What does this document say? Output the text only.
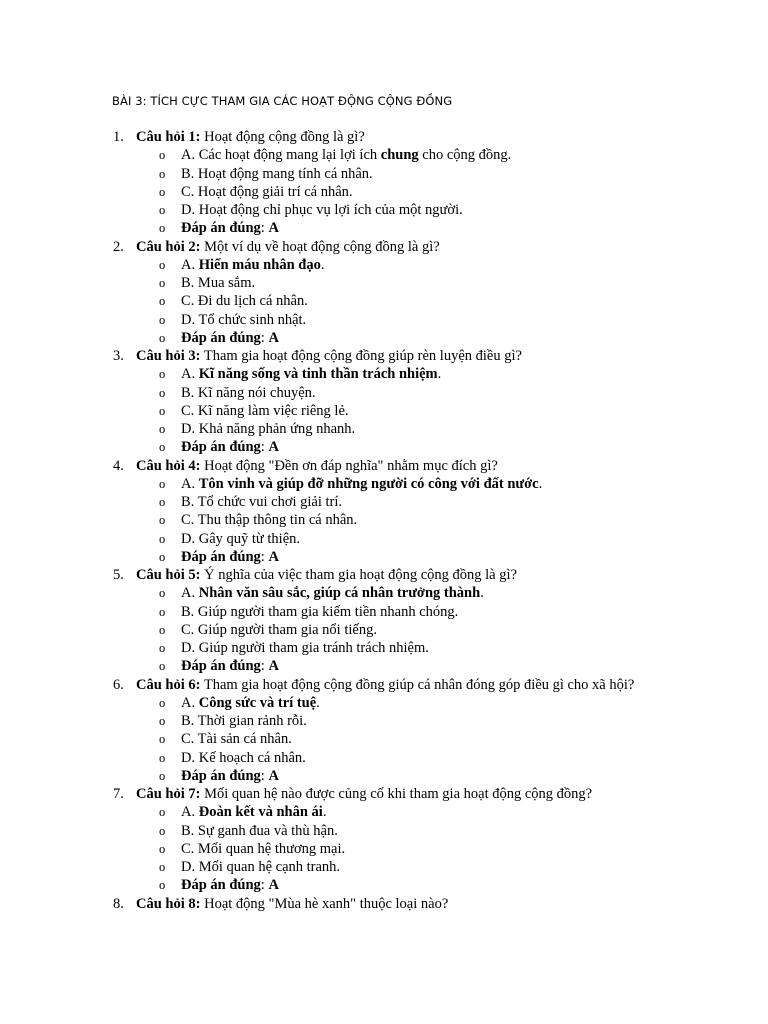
BÀI 3: TÍCH CỰC THAM GIA CÁC HOẠT ĐỘNG CỘNG ĐỒNG
1. Câu hỏi 1: Hoạt động cộng đồng là gì?
o A. Các hoạt động mang lại lợi ích chung cho cộng đồng.
o B. Hoạt động mang tính cá nhân.
o C. Hoạt động giải trí cá nhân.
o D. Hoạt động chỉ phục vụ lợi ích của một người.
o Đáp án đúng: A
2. Câu hỏi 2: Một ví dụ về hoạt động cộng đồng là gì?
o A. Hiến máu nhân đạo.
o B. Mua sắm.
o C. Đi du lịch cá nhân.
o D. Tổ chức sinh nhật.
o Đáp án đúng: A
3. Câu hỏi 3: Tham gia hoạt động cộng đồng giúp rèn luyện điều gì?
o A. Kĩ năng sống và tinh thần trách nhiệm.
o B. Kĩ năng nói chuyện.
o C. Kĩ năng làm việc riêng lẻ.
o D. Khả năng phản ứng nhanh.
o Đáp án đúng: A
4. Câu hỏi 4: Hoạt động "Đền ơn đáp nghĩa" nhằm mục đích gì?
o A. Tôn vinh và giúp đỡ những người có công với đất nước.
o B. Tổ chức vui chơi giải trí.
o C. Thu thập thông tin cá nhân.
o D. Gây quỹ từ thiện.
o Đáp án đúng: A
5. Câu hỏi 5: Ý nghĩa của việc tham gia hoạt động cộng đồng là gì?
o A. Nhân văn sâu sắc, giúp cá nhân trưởng thành.
o B. Giúp người tham gia kiếm tiền nhanh chóng.
o C. Giúp người tham gia nổi tiếng.
o D. Giúp người tham gia tránh trách nhiệm.
o Đáp án đúng: A
6. Câu hỏi 6: Tham gia hoạt động cộng đồng giúp cá nhân đóng góp điều gì cho xã hội?
o A. Công sức và trí tuệ.
o B. Thời gian rảnh rỗi.
o C. Tài sản cá nhân.
o D. Kế hoạch cá nhân.
o Đáp án đúng: A
7. Câu hỏi 7: Mối quan hệ nào được củng cố khi tham gia hoạt động cộng đồng?
o A. Đoàn kết và nhân ái.
o B. Sự ganh đua và thù hận.
o C. Mối quan hệ thương mại.
o D. Mối quan hệ cạnh tranh.
o Đáp án đúng: A
8. Câu hỏi 8: Hoạt động "Mùa hè xanh" thuộc loại nào?
